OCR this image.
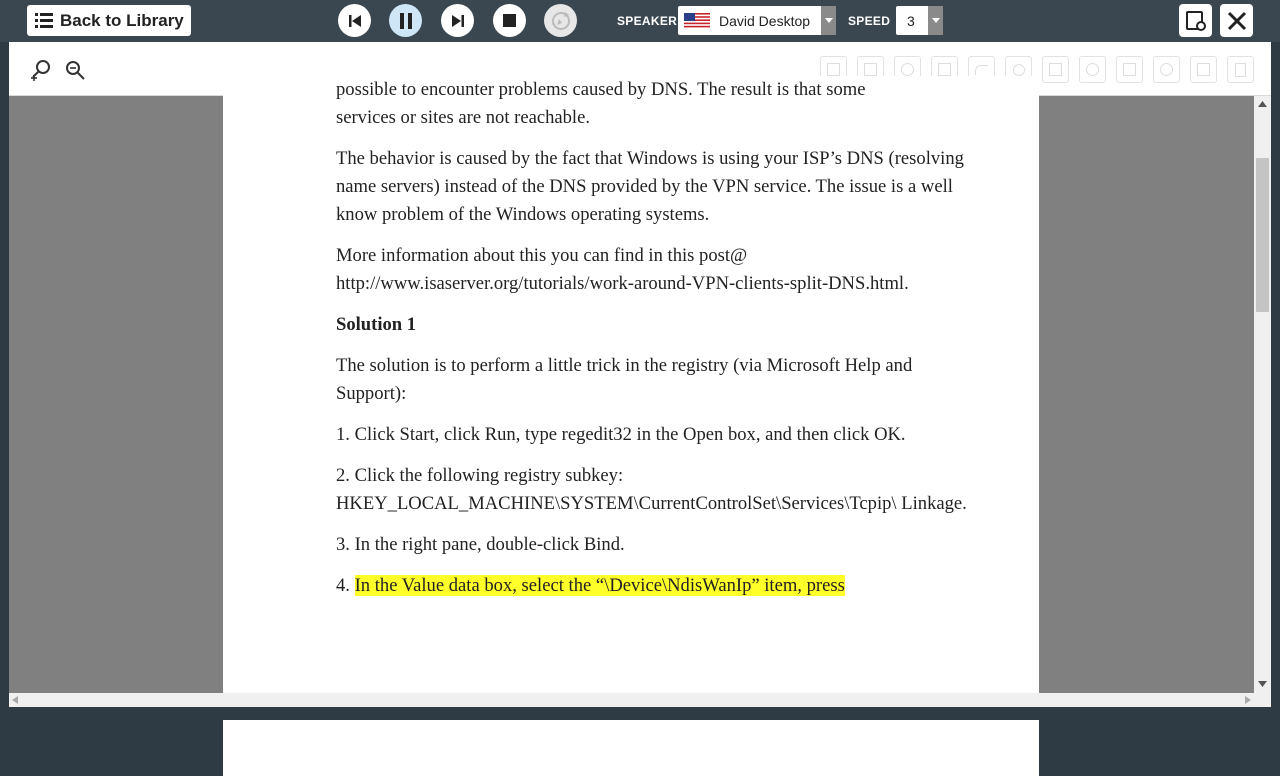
Back to Library	SPEAKER	David Desktop	SPEED 3

possible to encounter problems caused by DNS. The result is that some

services or sites are not reachable.

The behavior is caused by the fact that Windows is using your ISP’s DNS (resolving name servers) instead of the DNS provided by the VPN service. The issue is a well know problem of the Windows operating systems.

More information about this you can find in this post@ http://www.isaserver.org/tutorials/work-around-VPN-clients-split-DNS.html.

Solution 1

The solution is to perform a little trick in the registry (via Microsoft Help and Support):

1. Click Start, click Run, type regedit32 in the Open box, and then click OK.

2. Click the following registry subkey: HKEY_LOCAL_MACHINE\SYSTEM\CurrentControlSet\Services\Tcpip\ Linkage.

3. In the right pane, double-click Bind.

4. In the Value data box, select the “\Device\NdisWanIp” item, press
